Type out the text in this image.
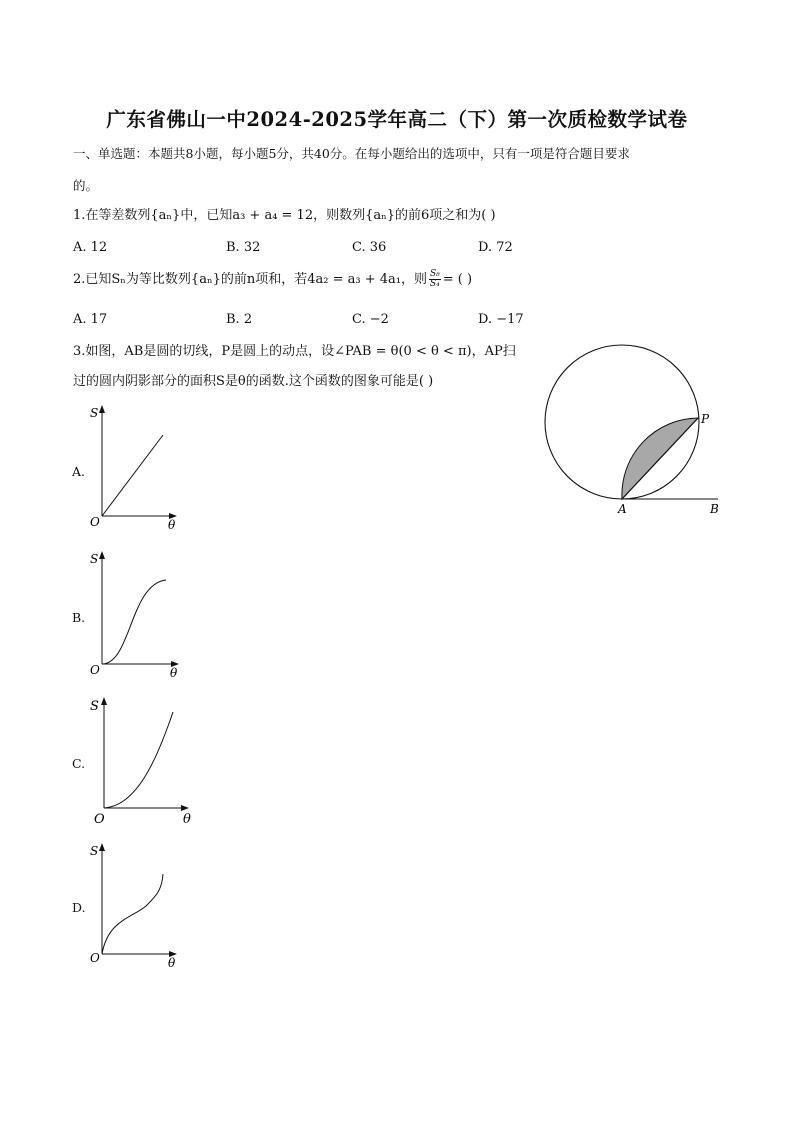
广东省佛山一中2024-2025学年高二（下）第一次质检数学试卷
一、单选题：本题共8小题，每小题5分，共40分。在每小题给出的选项中，只有一项是符合题目要求
的。
1.在等差数列{aₙ}中，已知a₃ + a₄ = 12，则数列{aₙ}的前6项之和为( )
A. 12	B. 32	C. 36	D. 72
2.已知Sₙ为等比数列{aₙ}的前n项和，若4a₂ = a₃ + 4a₁，则 $\frac{\text{S₈}}{\text{S₄}}$ = ( )
A. 17	B. 2	C. −2	D. −17
3.如图，AB是圆的切线，P是圆上的动点，设∠PAB = θ(0 < θ < π)，AP扫
过的圆内阴影部分的面积S是θ的函数.这个函数的图象可能是( )
A	B
P
A.
S
O	θ
B.
S
O	θ
C.
S
O	θ
D.
S
O	θ
